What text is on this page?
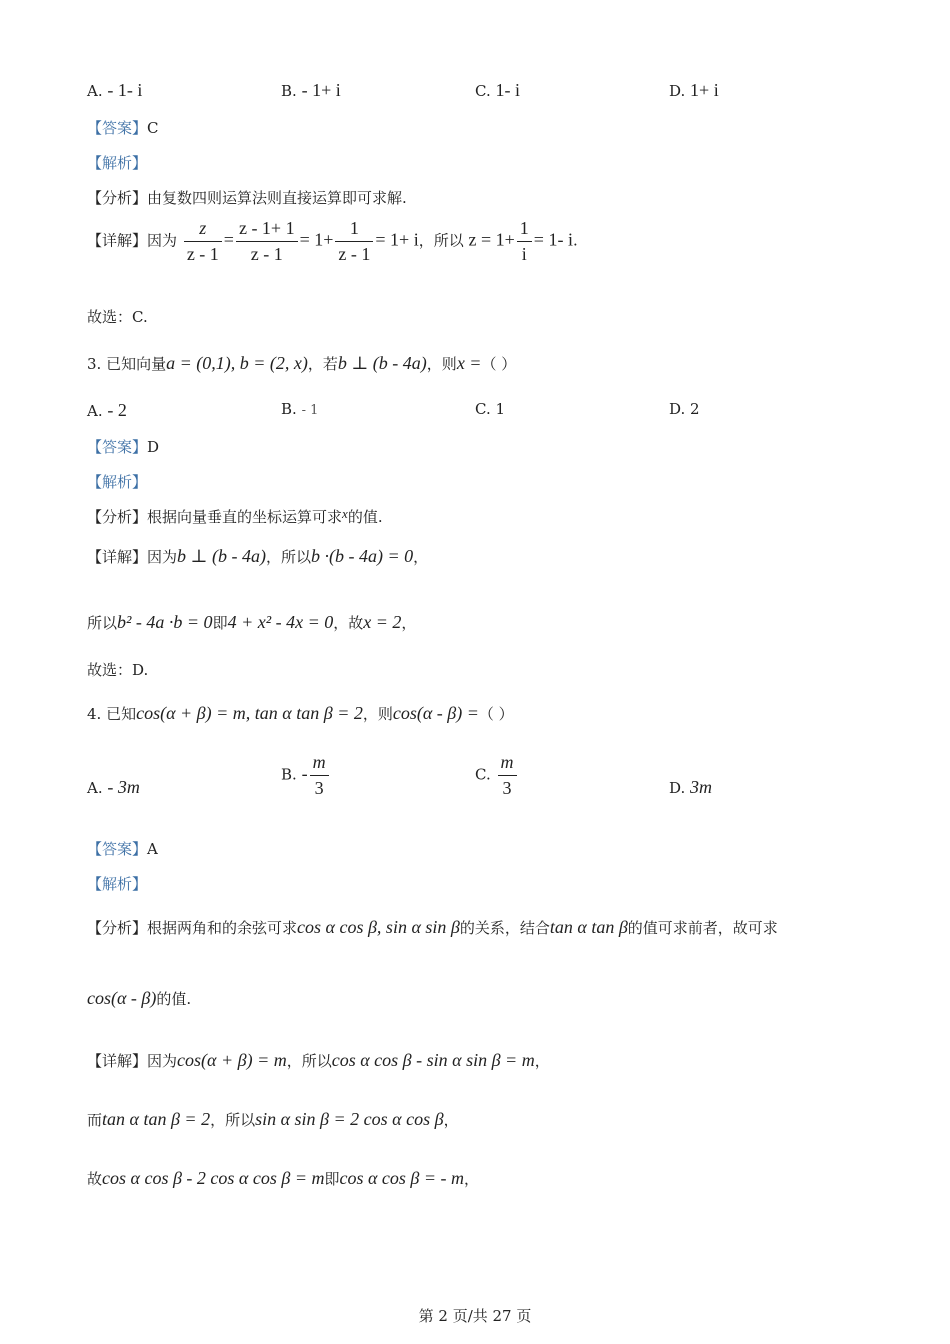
A. - 1- i	B. - 1+ i	C. 1- i	D. 1+ i
【答案】C
【解析】
【分析】由复数四则运算法则直接运算即可求解.
【详解】因为 $\frac{z}{z - 1} = \frac{z - 1+ 1}{z - 1} = 1+ \frac{1}{z - 1} = 1+ i$，所以 $z = 1+ \frac{1}{i} = 1-$ i.
故选：C.
3. 已知向量a = (0,1), b = (2, x)，若b ⊥ (b - 4a)，则x =（ ）
A. - 2	B. - 1	C. 1	D. 2
【答案】D
【解析】
【分析】根据向量垂直的坐标运算可求x的值.
【详解】因为b ⊥ (b - 4a)，所以b ·(b - 4a) = 0，
所以b² - 4a ·b = 0即4 + x² - 4x = 0，故x = 2，
故选：D.
4. 已知cos(α + β) = m, tan α tan β = 2，则cos(α - β) =（ ）
A. - 3m
B. - $\frac{m}{3}$	C. $\frac{m}{3}$	D. 3m
【答案】A
【解析】
【分析】根据两角和的余弦可求cos α cos β, sin α sin β的关系，结合tan α tan β的值可求前者，故可求
cos(α - β)的值.
【详解】因为cos(α + β) = m，所以cos α cos β - sin α sin β = m，
而tan α tan β = 2，所以sin α sin β = 2 cos α cos β，
故cos α cos β - 2 cos α cos β = m即cos α cos β = - m，
第 2 页/共 27 页
